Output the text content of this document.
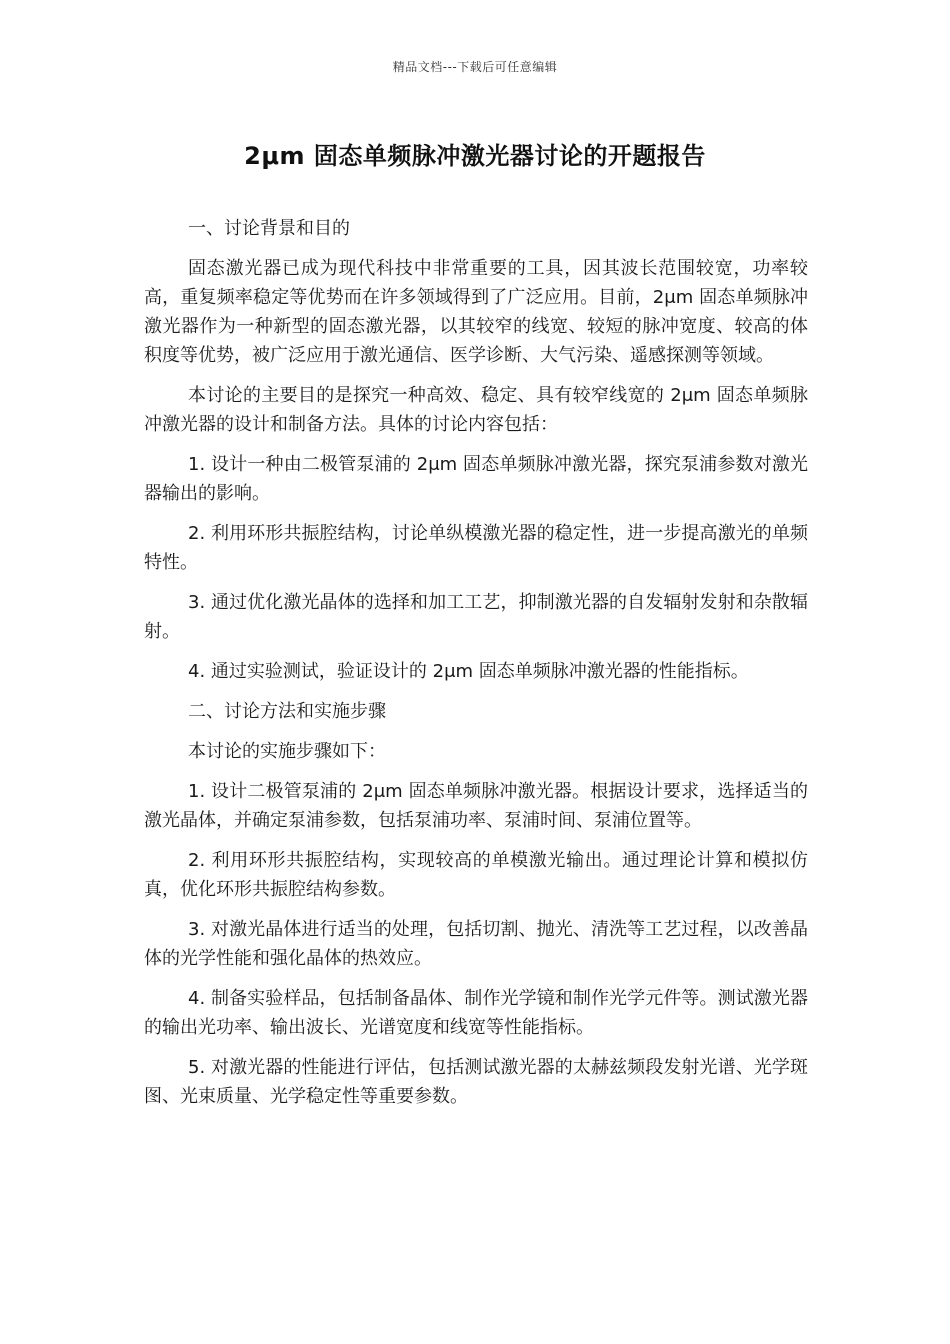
精品文档---下载后可任意编辑
2μm 固态单频脉冲激光器讨论的开题报告

一、讨论背景和目的

固态激光器已成为现代科技中非常重要的工具，因其波长范围较宽，功率较高，重复频率稳定等优势而在许多领域得到了广泛应用。目前，2μm 固态单频脉冲激光器作为一种新型的固态激光器，以其较窄的线宽、较短的脉冲宽度、较高的体积度等优势，被广泛应用于激光通信、医学诊断、大气污染、遥感探测等领域。

本讨论的主要目的是探究一种高效、稳定、具有较窄线宽的 2μm 固态单频脉冲激光器的设计和制备方法。具体的讨论内容包括：

1. 设计一种由二极管泵浦的 2μm 固态单频脉冲激光器，探究泵浦参数对激光器输出的影响。

2. 利用环形共振腔结构，讨论单纵模激光器的稳定性，进一步提高激光的单频特性。

3. 通过优化激光晶体的选择和加工工艺，抑制激光器的自发辐射发射和杂散辐射。

4. 通过实验测试，验证设计的 2μm 固态单频脉冲激光器的性能指标。

二、讨论方法和实施步骤

本讨论的实施步骤如下：

1. 设计二极管泵浦的 2μm 固态单频脉冲激光器。根据设计要求，选择适当的激光晶体，并确定泵浦参数，包括泵浦功率、泵浦时间、泵浦位置等。

2. 利用环形共振腔结构，实现较高的单模激光输出。通过理论计算和模拟仿真，优化环形共振腔结构参数。

3. 对激光晶体进行适当的处理，包括切割、抛光、清洗等工艺过程，以改善晶体的光学性能和强化晶体的热效应。

4. 制备实验样品，包括制备晶体、制作光学镜和制作光学元件等。测试激光器的输出光功率、输出波长、光谱宽度和线宽等性能指标。

5. 对激光器的性能进行评估，包括测试激光器的太赫兹频段发射光谱、光学斑图、光束质量、光学稳定性等重要参数。
